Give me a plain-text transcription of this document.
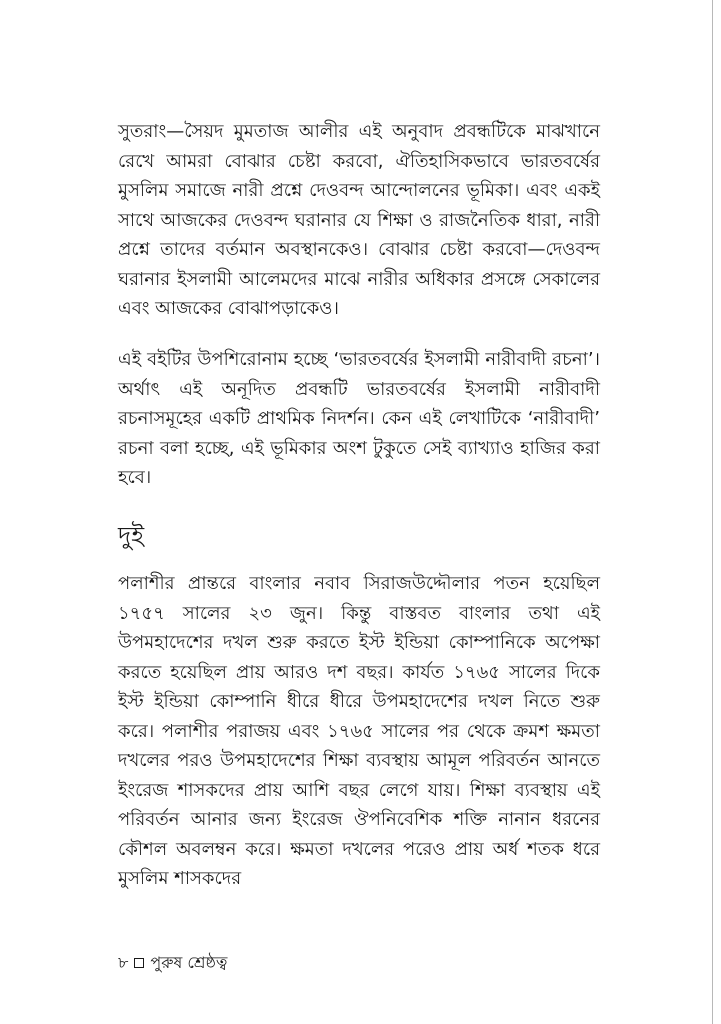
সুতরাং—সৈয়দ মুমতাজ আলীর এই অনুবাদ প্রবন্ধটিকে মাঝখানে রেখে আমরা বোঝার চেষ্টা করবো, ঐতিহাসিকভাবে ভারতবর্ষের মুসলিম সমাজে নারী প্রশ্নে দেওবন্দ আন্দোলনের ভূমিকা। এবং একই সাথে আজকের দেওবন্দ ঘরানার যে শিক্ষা ও রাজনৈতিক ধারা, নারী প্রশ্নে তাদের বর্তমান অবস্থানকেও। বোঝার চেষ্টা করবো—দেওবন্দ ঘরানার ইসলামী আলেমদের মাঝে নারীর অধিকার প্রসঙ্গে সেকালের এবং আজকের বোঝাপড়াকেও।

এই বইটির উপশিরোনাম হচ্ছে ‘ভারতবর্ষের ইসলামী নারীবাদী রচনা’। অর্থাৎ এই অনূদিত প্রবন্ধটি ভারতবর্ষের ইসলামী নারীবাদী রচনাসমূহের একটি প্রাথমিক নিদর্শন। কেন এই লেখাটিকে ‘নারীবাদী’ রচনা বলা হচ্ছে, এই ভূমিকার অংশ টুকুতে সেই ব্যাখ্যাও হাজির করা হবে।

দুই

পলাশীর প্রান্তরে বাংলার নবাব সিরাজউদ্দৌলার পতন হয়েছিল ১৭৫৭ সালের ২৩ জুন। কিন্তু বাস্তবত বাংলার তথা এই উপমহাদেশের দখল শুরু করতে ইস্ট ইন্ডিয়া কোম্পানিকে অপেক্ষা করতে হয়েছিল প্রায় আরও দশ বছর। কার্যত ১৭৬৫ সালের দিকে ইস্ট ইন্ডিয়া কোম্পানি ধীরে ধীরে উপমহাদেশের দখল নিতে শুরু করে। পলাশীর পরাজয় এবং ১৭৬৫ সালের পর থেকে ক্রমশ ক্ষমতা দখলের পরও উপমহাদেশের শিক্ষা ব্যবস্থায় আমূল পরিবর্তন আনতে ইংরেজ শাসকদের প্রায় আশি বছর লেগে যায়। শিক্ষা ব্যবস্থায় এই পরিবর্তন আনার জন্য ইংরেজ ঔপনিবেশিক শক্তি নানান ধরনের কৌশল অবলম্বন করে। ক্ষমতা দখলের পরেও প্রায় অর্ধ শতক ধরে মুসলিম শাসকদের

৮ পুরুষ শ্রেষ্ঠত্ব
